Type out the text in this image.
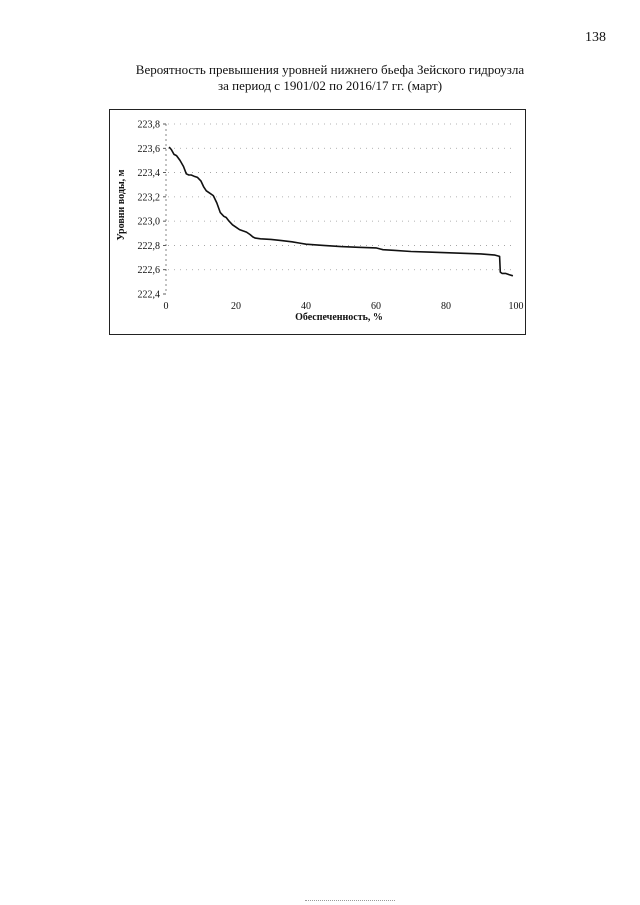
138
Вероятность превышения уровней нижнего бьефа Зейского гидроузла
за период с 1901/02 по 2016/17 гг. (март)
222,4
222,6
222,8
223,0
223,2
223,4
223,6
223,8
0	20	40	60	80	100
Уровни воды, м
Обеспеченность, %
